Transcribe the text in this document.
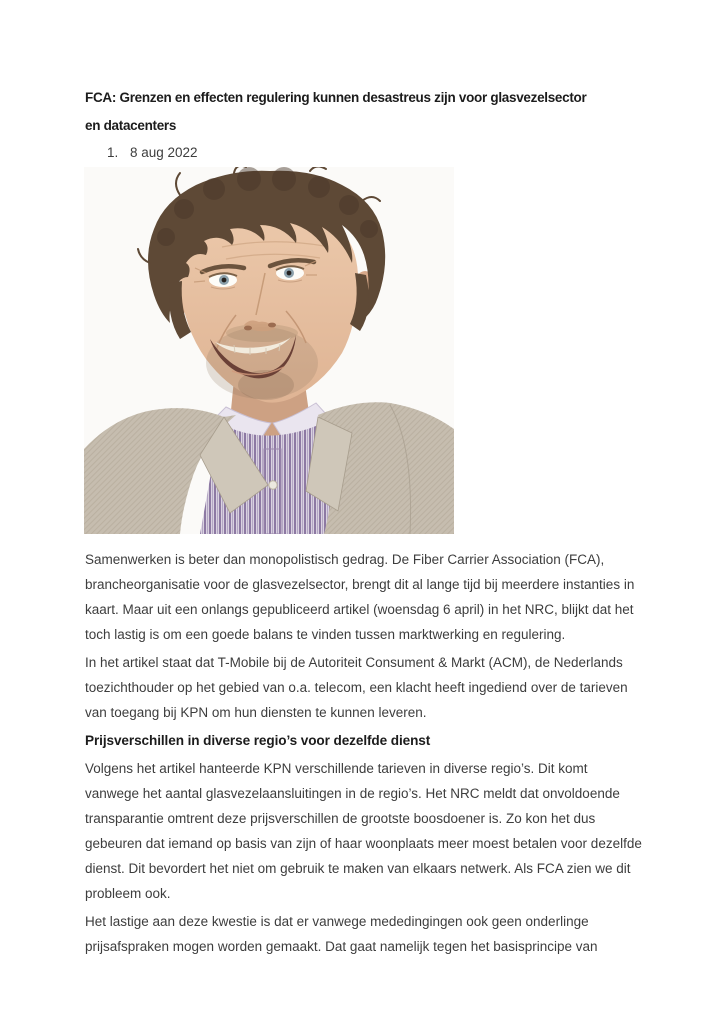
FCA: Grenzen en effecten regulering kunnen desastreus zijn voor glasvezelsector
en datacenters
1. 8 aug 2022

Samenwerken is beter dan monopolistisch gedrag. De Fiber Carrier Association (FCA), brancheorganisatie voor de glasvezelsector, brengt dit al lange tijd bij meerdere instanties in kaart. Maar uit een onlangs gepubliceerd artikel (woensdag 6 april) in het NRC, blijkt dat het toch lastig is om een goede balans te vinden tussen marktwerking en regulering.

In het artikel staat dat T-Mobile bij de Autoriteit Consument & Markt (ACM), de Nederlands toezichthouder op het gebied van o.a. telecom, een klacht heeft ingediend over de tarieven van toegang bij KPN om hun diensten te kunnen leveren.

Prijsverschillen in diverse regio’s voor dezelfde dienst

Volgens het artikel hanteerde KPN verschillende tarieven in diverse regio’s. Dit komt vanwege het aantal glasvezelaansluitingen in de regio’s. Het NRC meldt dat onvoldoende transparantie omtrent deze prijsverschillen de grootste boosdoener is. Zo kon het dus gebeuren dat iemand op basis van zijn of haar woonplaats meer moest betalen voor dezelfde dienst. Dit bevordert het niet om gebruik te maken van elkaars netwerk. Als FCA zien we dit probleem ook.

Het lastige aan deze kwestie is dat er vanwege mededingingen ook geen onderlinge prijsafspraken mogen worden gemaakt. Dat gaat namelijk tegen het basisprincipe van
